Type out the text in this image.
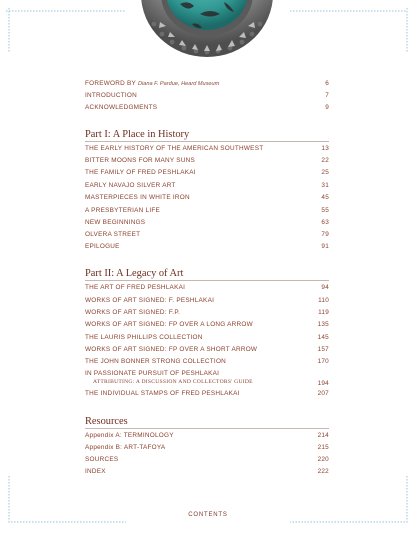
FOREWORD BY Diana F. Pardue, Heard Museum	6
INTRODUCTION	7
ACKNOWLEDGMENTS	9
Part I: A Place in History
THE EARLY HISTORY OF THE AMERICAN SOUTHWEST	13
BITTER MOONS FOR MANY SUNS	22
THE FAMILY OF FRED PESHLAKAI	25
EARLY NAVAJO SILVER ART	31
MASTERPIECES IN WHITE IRON	45
A PRESBYTERIAN LIFE	55
NEW BEGINNINGS	63
OLVERA STREET	79
EPILOGUE	91
Part II: A Legacy of Art
THE ART OF FRED PESHLAKAI	94
WORKS OF ART SIGNED: F. PESHLAKAI	110
WORKS OF ART SIGNED: F.P.	119
WORKS OF ART SIGNED: FP OVER A LONG ARROW	135
THE LAURIS PHILLIPS COLLECTION	145
WORKS OF ART SIGNED: FP OVER A SHORT ARROW	157
THE JOHN BONNER STRONG COLLECTION	170
IN PASSIONATE PURSUIT OF PESHLAKAI
ATTRIBUTING: A DISCUSSION AND COLLECTORS' GUIDE	194
THE INDIVIDUAL STAMPS OF FRED PESHLAKAI	207
Resources
Appendix A: TERMINOLOGY	214
Appendix B: ART-TAFOYA	215
SOURCES	220
INDEX	222
CONTENTS
